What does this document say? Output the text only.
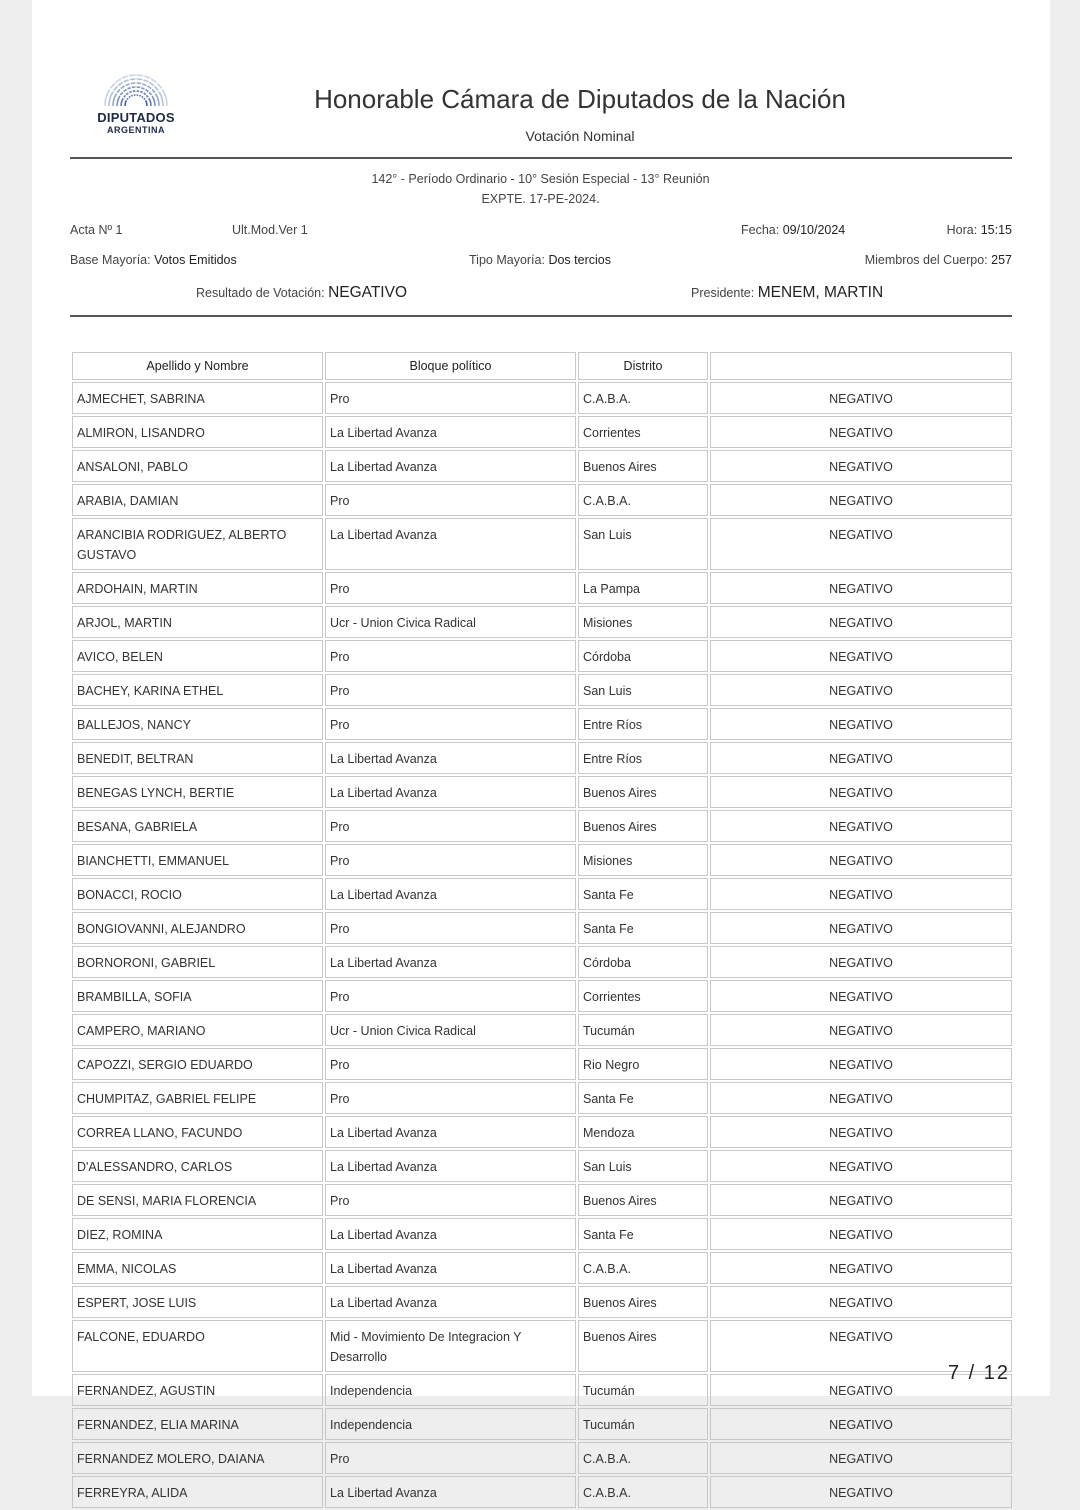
DIPUTADOS
ARGENTINA
Honorable Cámara de Diputados de la Nación
Votación Nominal
142° - Período Ordinario - 10° Sesión Especial - 13° Reunión
EXPTE. 17-PE-2024.
Acta Nº 1	Ult.Mod.Ver 1	Fecha: 09/10/2024	Hora: 15:15
Base Mayoría: Votos Emitidos	Tipo Mayoría: Dos tercios	Miembros del Cuerpo: 257
Resultado de Votación: NEGATIVO	Presidente: MENEM, MARTIN
Apellido y Nombre	Bloque político	Distrito	
AJMECHET, SABRINA	Pro	C.A.B.A.	NEGATIVO
ALMIRON, LISANDRO	La Libertad Avanza	Corrientes	NEGATIVO
ANSALONI, PABLO	La Libertad Avanza	Buenos Aires	NEGATIVO
ARABIA, DAMIAN	Pro	C.A.B.A.	NEGATIVO
ARANCIBIA RODRIGUEZ, ALBERTO GUSTAVO	La Libertad Avanza	San Luis	NEGATIVO
ARDOHAIN, MARTIN	Pro	La Pampa	NEGATIVO
ARJOL, MARTIN	Ucr - Union Civica Radical	Misiones	NEGATIVO
AVICO, BELEN	Pro	Córdoba	NEGATIVO
BACHEY, KARINA ETHEL	Pro	San Luis	NEGATIVO
BALLEJOS, NANCY	Pro	Entre Ríos	NEGATIVO
BENEDIT, BELTRAN	La Libertad Avanza	Entre Ríos	NEGATIVO
BENEGAS LYNCH, BERTIE	La Libertad Avanza	Buenos Aires	NEGATIVO
BESANA, GABRIELA	Pro	Buenos Aires	NEGATIVO
BIANCHETTI, EMMANUEL	Pro	Misiones	NEGATIVO
BONACCI, ROCIO	La Libertad Avanza	Santa Fe	NEGATIVO
BONGIOVANNI, ALEJANDRO	Pro	Santa Fe	NEGATIVO
BORNORONI, GABRIEL	La Libertad Avanza	Córdoba	NEGATIVO
BRAMBILLA, SOFIA	Pro	Corrientes	NEGATIVO
CAMPERO, MARIANO	Ucr - Union Civica Radical	Tucumán	NEGATIVO
CAPOZZI, SERGIO EDUARDO	Pro	Rio Negro	NEGATIVO
CHUMPITAZ, GABRIEL FELIPE	Pro	Santa Fe	NEGATIVO
CORREA LLANO, FACUNDO	La Libertad Avanza	Mendoza	NEGATIVO
D'ALESSANDRO, CARLOS	La Libertad Avanza	San Luis	NEGATIVO
DE SENSI, MARIA FLORENCIA	Pro	Buenos Aires	NEGATIVO
DIEZ, ROMINA	La Libertad Avanza	Santa Fe	NEGATIVO
EMMA, NICOLAS	La Libertad Avanza	C.A.B.A.	NEGATIVO
ESPERT, JOSE LUIS	La Libertad Avanza	Buenos Aires	NEGATIVO
FALCONE, EDUARDO	Mid - Movimiento De Integracion Y Desarrollo	Buenos Aires	NEGATIVO
FERNANDEZ, AGUSTIN	Independencia	Tucumán	NEGATIVO
FERNANDEZ, ELIA MARINA	Independencia	Tucumán	NEGATIVO
FERNANDEZ MOLERO, DAIANA	Pro	C.A.B.A.	NEGATIVO
FERREYRA, ALIDA	La Libertad Avanza	C.A.B.A.	NEGATIVO
7 / 12
